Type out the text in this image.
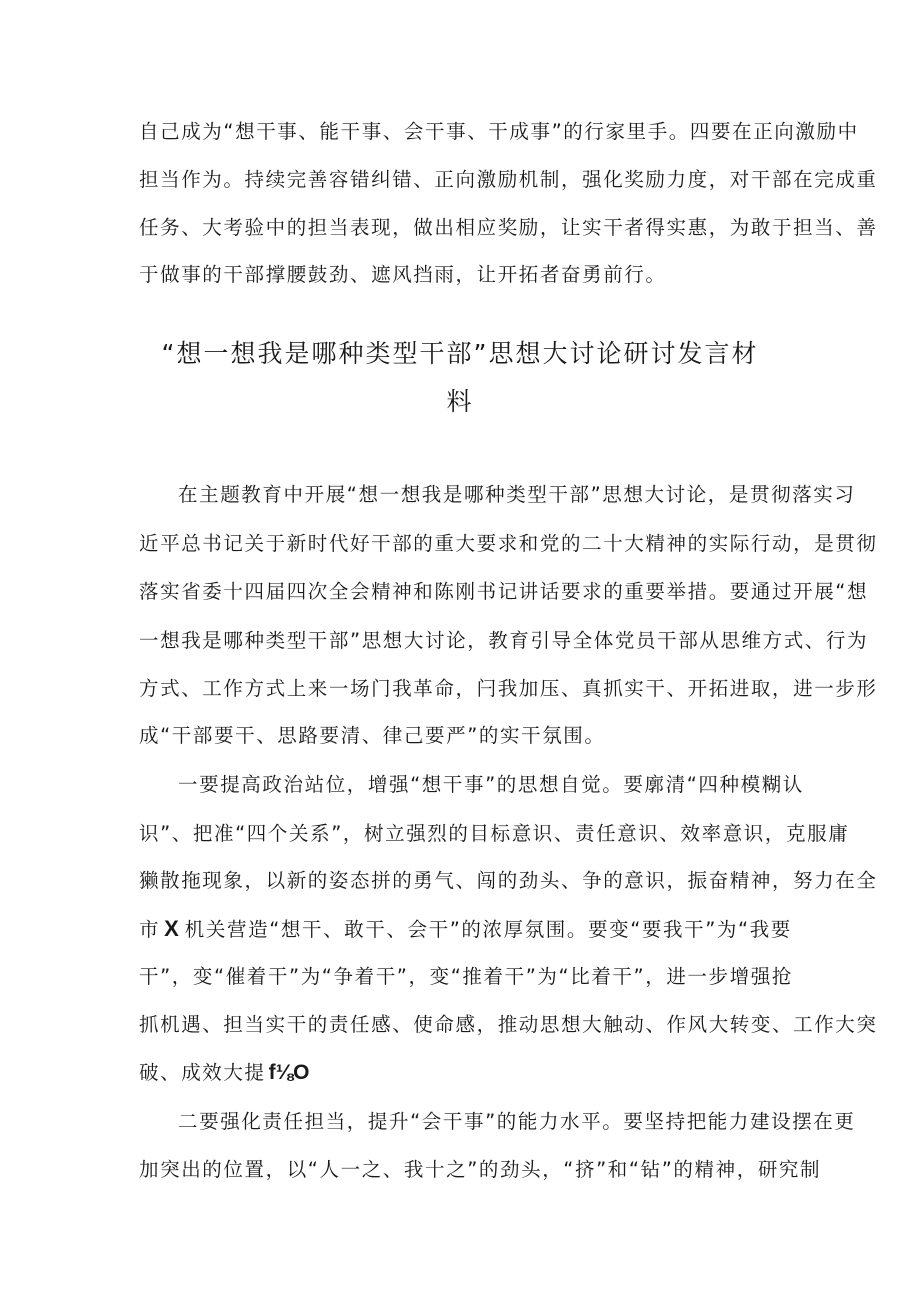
自己成为“想干事、能干事、会干事、干成事”的行家里手。四要在正向激励中
担当作为。持续完善容错纠错、正向激励机制，强化奖励力度，对干部在完成重
任务、大考验中的担当表现，做出相应奖励，让实干者得实惠，为敢于担当、善
于做事的干部撑腰鼓劲、遮风挡雨，让开拓者奋勇前行。
“想一想我是哪种类型干部”思想大讨论研讨发言材
料
在主题教育中开展“想一想我是哪种类型干部”思想大讨论，是贯彻落实习
近平总书记关于新时代好干部的重大要求和党的二十大精神的实际行动，是贯彻
落实省委十四届四次全会精神和陈刚书记讲话要求的重要举措。要通过开展“想
一想我是哪种类型干部”思想大讨论，教育引导全体党员干部从思维方式、行为
方式、工作方式上来一场门我革命，闩我加压、真抓实干、开拓进取，进一步形
成“干部要干、思路要清、律己要严”的实干氛围。
一要提高政治站位，增强“想干事”的思想自觉。要廓清“四种模糊认
识”、把准“四个关系”，树立强烈的目标意识、责任意识、效率意识，克服庸
獭散拖现象，以新的姿态拼的勇气、闯的劲头、争的意识，振奋精神，努力在全
市 X 机关营造“想干、敢干、会干”的浓厚氛围。要变“要我干”为“我要
干”，变“催着干”为“争着干”，变“推着干”为“比着干”，进一步增强抢
抓机遇、担当实干的责任感、使命感，推动思想大触动、作风大转变、工作大突
破、成效大提 f⅛O
二要强化责任担当，提升“会干事”的能力水平。要坚持把能力建设摆在更
加突出的位置，以“人一之、我十之”的劲头，“挤”和“钻”的精神，研究制
